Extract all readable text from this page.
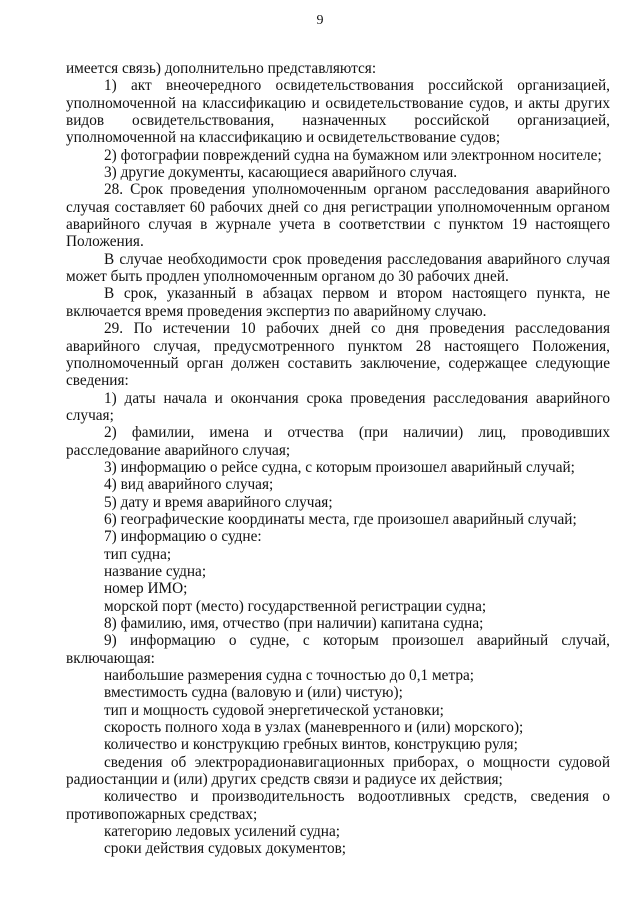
9

имеется связь) дополнительно представляются:

1) акт внеочередного освидетельствования российской организацией, уполномоченной на классификацию и освидетельствование судов, и акты других видов освидетельствования, назначенных российской организацией, уполномоченной на классификацию и освидетельствование судов;

2) фотографии повреждений судна на бумажном или электронном носителе;

3) другие документы, касающиеся аварийного случая.

28. Срок проведения уполномоченным органом расследования аварийного случая составляет 60 рабочих дней со дня регистрации уполномоченным органом аварийного случая в журнале учета в соответствии с пунктом 19 настоящего Положения.

В случае необходимости срок проведения расследования аварийного случая может быть продлен уполномоченным органом до 30 рабочих дней.

В срок, указанный в абзацах первом и втором настоящего пункта, не включается время проведения экспертиз по аварийному случаю.

29. По истечении 10 рабочих дней со дня проведения расследования аварийного случая, предусмотренного пунктом 28 настоящего Положения, уполномоченный орган должен составить заключение, содержащее следующие сведения:

1) даты начала и окончания срока проведения расследования аварийного случая;

2) фамилии, имена и отчества (при наличии) лиц, проводивших расследование аварийного случая;

3) информацию о рейсе судна, с которым произошел аварийный случай;

4) вид аварийного случая;

5) дату и время аварийного случая;

6) географические координаты места, где произошел аварийный случай;

7) информацию о судне:

тип судна;

название судна;

номер ИМО;

морской порт (место) государственной регистрации судна;

8) фамилию, имя, отчество (при наличии) капитана судна;

9) информацию о судне, с которым произошел аварийный случай, включающая:

наибольшие размерения судна с точностью до 0,1 метра;

вместимость судна (валовую и (или) чистую);

тип и мощность судовой энергетической установки;

скорость полного хода в узлах (маневренного и (или) морского);

количество и конструкцию гребных винтов, конструкцию руля;

сведения об электрорадионавигационных приборах, о мощности судовой радиостанции и (или) других средств связи и радиусе их действия;

количество и производительность водоотливных средств, сведения о противопожарных средствах;

категорию ледовых усилений судна;

сроки действия судовых документов;
